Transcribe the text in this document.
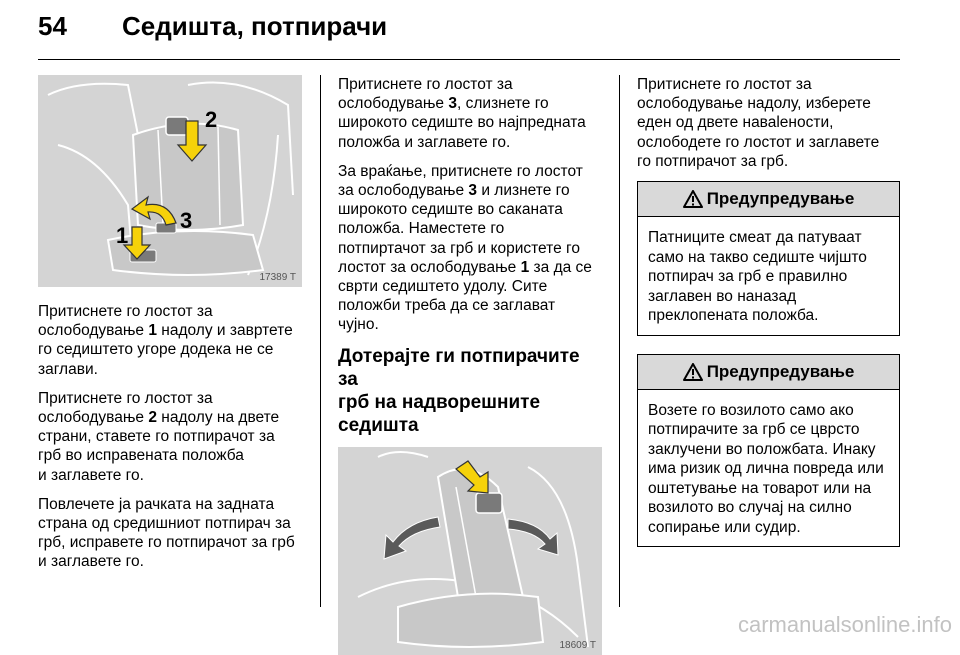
54 Седишта, потпирачи
2
3
1
17389 T

Притиснете го лостот за
ослободување 1 надолу и завртете
го седиштето угоре додека не се
заглави.

Притиснете го лостот за
ослободување 2 надолу на двете
страни, ставете го потпирачот за
грб во исправената положба
и заглавете го.

Повлечете ја рачката на задната
страна од средишниот потпирач за
грб, исправете го потпирачот за грб
и заглавете го.

Притиснете го лостот за
ослободување 3, слизнете го
широкото седиште во најпредната
положба и заглавете го.

За враќање, притиснете го лостот
за ослободување 3 и лизнете го
широкото седиште во саканата
положба. Наместете го
потпиртачот за грб и користете го
лостот за ослободување 1 за да се
сврти седиштето удолу. Сите
положби треба да се заглават
чујно.

Дотерајте ги потпирачите за
грб на надворешните седишта
18609 T

Притиснете го лостот за
ослободување надолу, изберете
еден од двете наваlености,
ослободете го лостот и заглавете
го потпирачот за грб.

Предупредување
Патниците смеат да патуваат
само на такво седиште чијшто
потпирач за грб е правилно
заглавен во наназад
преклопената положба.
Предупредување
Возете го возилото само ако
потпирачите за грб се цврсто
заклучени во положбата. Инаку
има ризик од лична повреда или
оштетување на товарот или на
возилото во случај на силно
сопирање или судир.
carmanualsonline.info
